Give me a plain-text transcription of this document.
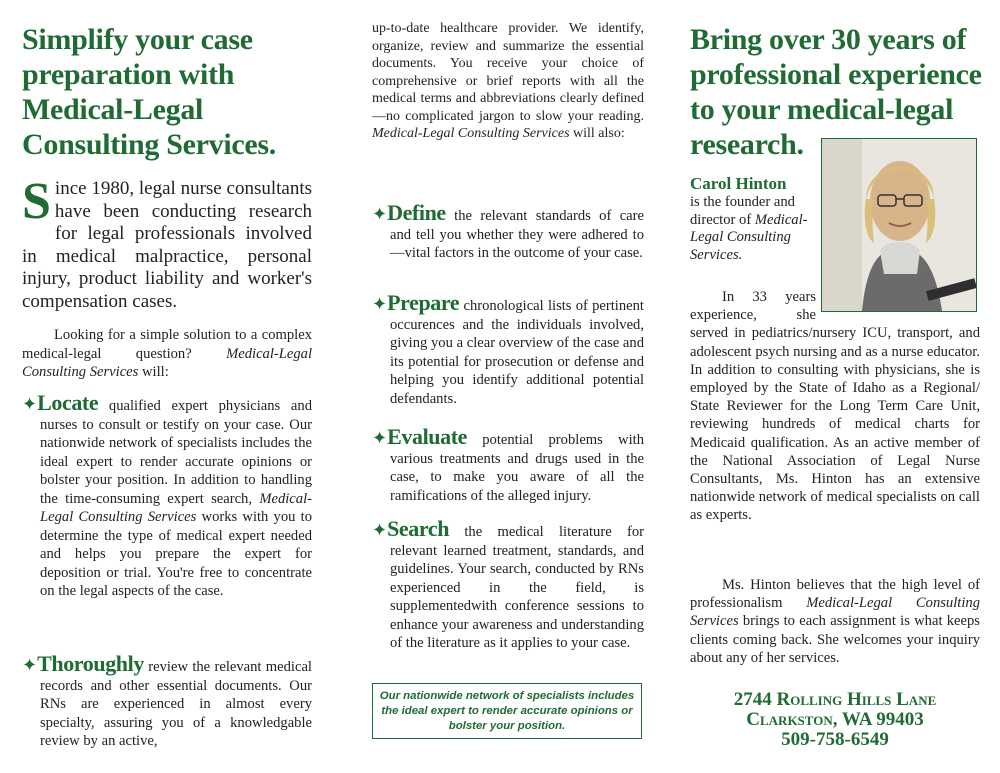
Simplify your case preparation with Medical-Legal Consulting Services.
Since 1980, legal nurse consultants have been conducting research for legal professionals involved in medical malpractice, personal injury, product liability and worker's compensation cases.

Looking for a simple solution to a complex medical-legal question? Medical-Legal Consulting Services will:

✦Locate qualified expert physicians and nurses to consult or testify on your case. Our nationwide network of specialists includes the ideal expert to render accurate opinions or bolster your position. In addition to handling the time-consuming expert search, Medical-Legal Consulting Services works with you to determine the type of medical expert needed and helps you prepare the expert for deposition or trial. You're free to concentrate on the legal aspects of the case.

✦Thoroughly review the relevant medical records and other essential documents. Our RNs are experienced in almost every specialty, assuring you of a knowledgable review by an active,

up-to-date healthcare provider. We identify, organize, review and summarize the essential documents. You receive your choice of comprehensive or brief reports with all the medical terms and abbreviations clearly defined—no complicated jargon to slow your reading. Medical-Legal Consulting Services will also:

✦Define the relevant standards of care and tell you whether they were adhered to—vital factors in the outcome of your case.

✦Prepare chronological lists of pertinent occurences and the individuals involved, giving you a clear overview of the case and its potential for prosecution or defense and helping you identify additional potential defendants.

✦Evaluate potential problems with various treatments and drugs used in the case, to make you aware of all the ramifications of the alleged injury.

✦Search the medical literature for relevant learned treatment, standards, and guidelines. Your search, conducted by RNs experienced in the field, is supplementedwith conference sessions to enhance your awareness and understanding of the literature as it applies to your case.

Our nationwide network of specialists includes the ideal expert to render accurate opinions or bolster your position.
Bring over 30 years of professional experience to your medical-legal research.
Carol Hinton
is the founder and director of Medical-Legal Consulting Services.

In 33 years experience, she served in pediatrics/nursery ICU, transport, and adolescent psych nursing and as a nurse educator. In addition to consulting with physicians, she is employed by the State of Idaho as a Regional/ State Reviewer for the Long Term Care Unit, reviewing hundreds of medical charts for Medicaid qualification. As an active member of the National Association of Legal Nurse Consultants, Ms. Hinton has an extensive nationwide network of medical specialists on call as experts.

Ms. Hinton believes that the high level of professionalism Medical-Legal Consulting Services brings to each assignment is what keeps clients coming back. She welcomes your inquiry about any of her services.

2744 Rolling Hills Lane
Clarkston, WA 99403
509-758-6549
